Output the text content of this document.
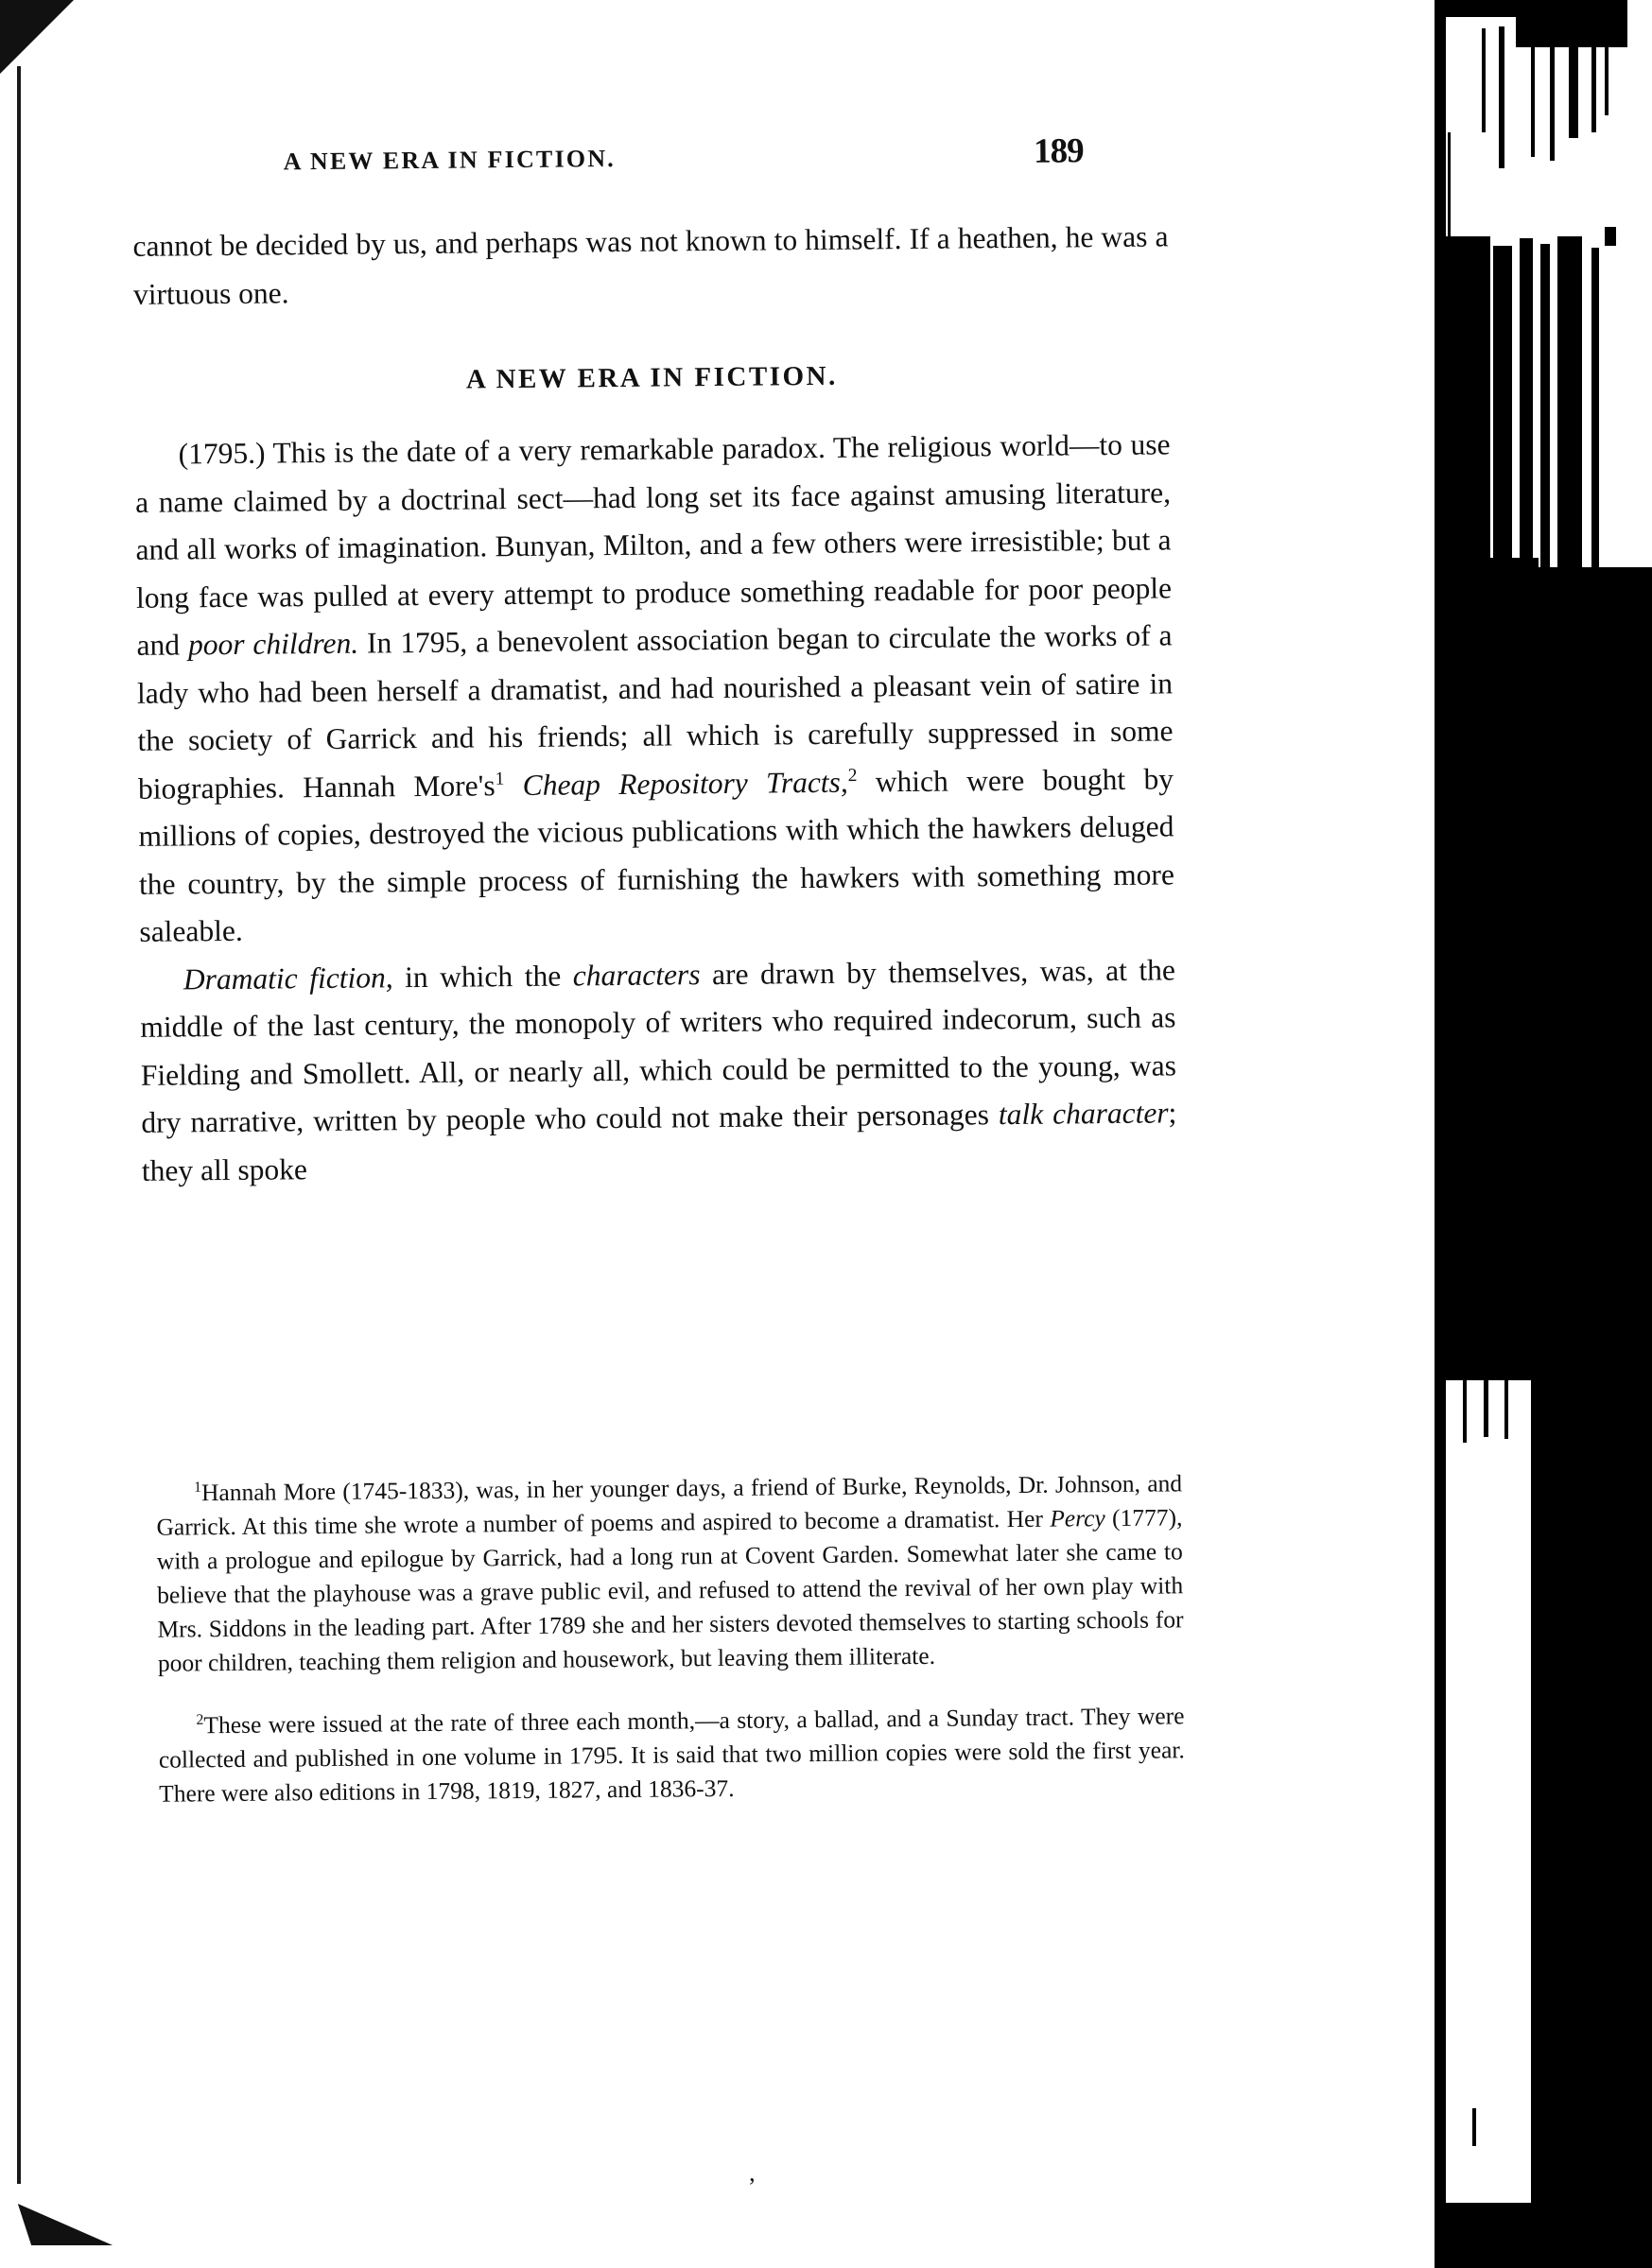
A NEW ERA IN FICTION.	189

cannot be decided by us, and perhaps was not known to himself. If a heathen, he was a virtuous one.

A NEW ERA IN FICTION.

(1795.) This is the date of a very remarkable paradox. The religious world—to use a name claimed by a doctrinal sect—had long set its face against amusing literature, and all works of imagination. Bunyan, Milton, and a few others were irresistible; but a long face was pulled at every attempt to produce something readable for poor people and poor children. In 1795, a benevolent association began to circulate the works of a lady who had been herself a dramatist, and had nourished a pleasant vein of satire in the society of Garrick and his friends; all which is carefully suppressed in some biographies. Hannah $More's^1$ Cheap Repository Tracts,$^2$ which were bought by millions of copies, destroyed the vicious publications with which the hawkers deluged the country, by the simple process of furnishing the hawkers with something more saleable.

Dramatic fiction, in which the characters are drawn by themselves, was, at the middle of the last century, the monopoly of writers who required indecorum, such as Fielding and Smollett. All, or nearly all, which could be permitted to the young, was dry narrative, written by people who could not make their personages talk character; they all spoke

$^1$Hannah More (1745-1833), was, in her younger days, a friend of Burke, Reynolds, Dr. Johnson, and Garrick. At this time she wrote a number of poems and aspired to become a dramatist. Her Percy (1777), with a prologue and epilogue by Garrick, had a long run at Covent Garden. Somewhat later she came to believe that the playhouse was a grave public evil, and refused to attend the revival of her own play with Mrs. Siddons in the leading part. After 1789 she and her sisters devoted themselves to starting schools for poor children, teaching them religion and housework, but leaving them illiterate.

$^2$These were issued at the rate of three each month,—a story, a ballad, and a Sunday tract. They were collected and published in one volume in 1795. It is said that two million copies were sold the first year. There were also editions in 1798, 1819, 1827, and 1836-37.

,
